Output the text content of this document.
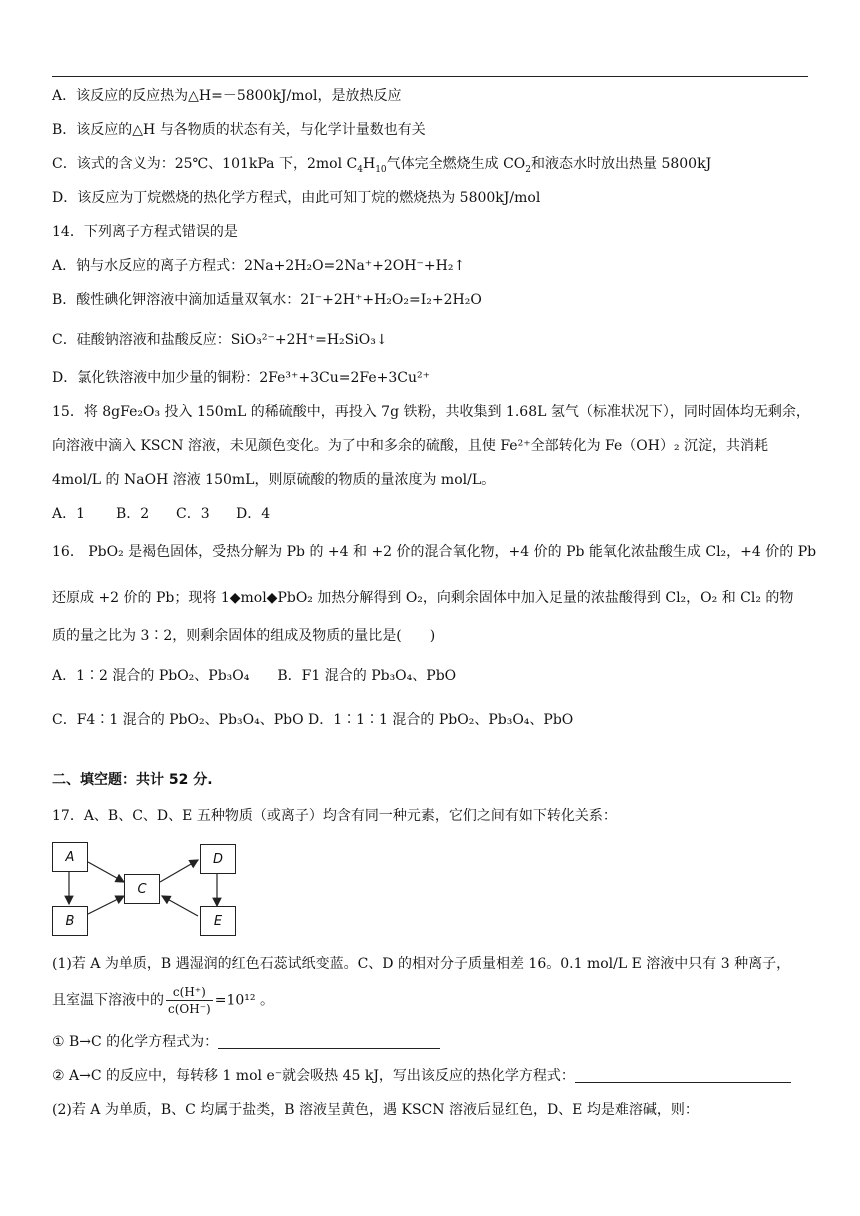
A．该反应的反应热为△H=－5800kJ/mol，是放热反应
B．该反应的△H 与各物质的状态有关，与化学计量数也有关
C．该式的含义为：25℃、101kPa 下，2mol $C_4H_{10}$气体完全燃烧生成 $CO_2$和液态水时放出热量 5800kJ
D．该反应为丁烷燃烧的热化学方程式，由此可知丁烷的燃烧热为 5800kJ/mol
14．下列离子方程式错误的是
A．钠与水反应的离子方程式：2Na+2H₂O=2Na⁺+2OH⁻+H₂↑
B．酸性碘化钾溶液中滴加适量双氧水：2I⁻+2H⁺+H₂O₂=I₂+2H₂O
C．硅酸钠溶液和盐酸反应：SiO₃²⁻+2H⁺=H₂SiO₃↓
D．氯化铁溶液中加少量的铜粉：2Fe³⁺+3Cu=2Fe+3Cu²⁺
15．将 8gFe₂O₃ 投入 150mL 的稀硫酸中，再投入 7g 铁粉，共收集到 1.68L 氢气（标准状况下），同时固体均无剩余，
向溶液中滴入 KSCN 溶液，未见颜色变化。为了中和多余的硫酸，且使 Fe²⁺全部转化为 Fe（OH）₂ 沉淀，共消耗
4mol/L 的 NaOH 溶液 150mL，则原硫酸的物质的量浓度为 mol/L。
A．1 B．2 C．3 D．4
16． PbO₂ 是褐色固体，受热分解为 Pb 的 +4 和 +2 价的混合氧化物，+4 价的 Pb 能氧化浓盐酸生成 Cl₂，+4 价的 Pb
还原成 +2 价的 Pb；现将 1◆mol◆PbO₂ 加热分解得到 O₂，向剩余固体中加入足量的浓盐酸得到 Cl₂，O₂ 和 Cl₂ 的物
质的量之比为 3∶2，则剩余固体的组成及物质的量比是(　　)
A．1∶2 混合的 PbO₂、Pb₃O₄　　B．F1 混合的 Pb₃O₄、PbO
C．F4∶1 混合的 PbO₂、Pb₃O₄、PbO D．1∶1∶1 混合的 PbO₂、Pb₃O₄、PbO
二、填空题：共计 52 分.
17．A、B、C、D、E 五种物质（或离子）均含有同一种元素，它们之间有如下转化关系：
A
B
C
D
E
(1)若 A 为单质，B 遇湿润的红色石蕊试纸变蓝。C、D 的相对分子质量相差 16。0.1 mol/L E 溶液中只有 3 种离子，
且室温下溶液中的 $\frac{c(H^+)}{c(OH^-)} =10^{12}$ 。
① B→C 的化学方程式为：
② A→C 的反应中，每转移 1 mol e⁻就会吸热 45 kJ，写出该反应的热化学方程式：
(2)若 A 为单质，B、C 均属于盐类，B 溶液呈黄色，遇 KSCN 溶液后显红色，D、E 均是难溶碱，则：
